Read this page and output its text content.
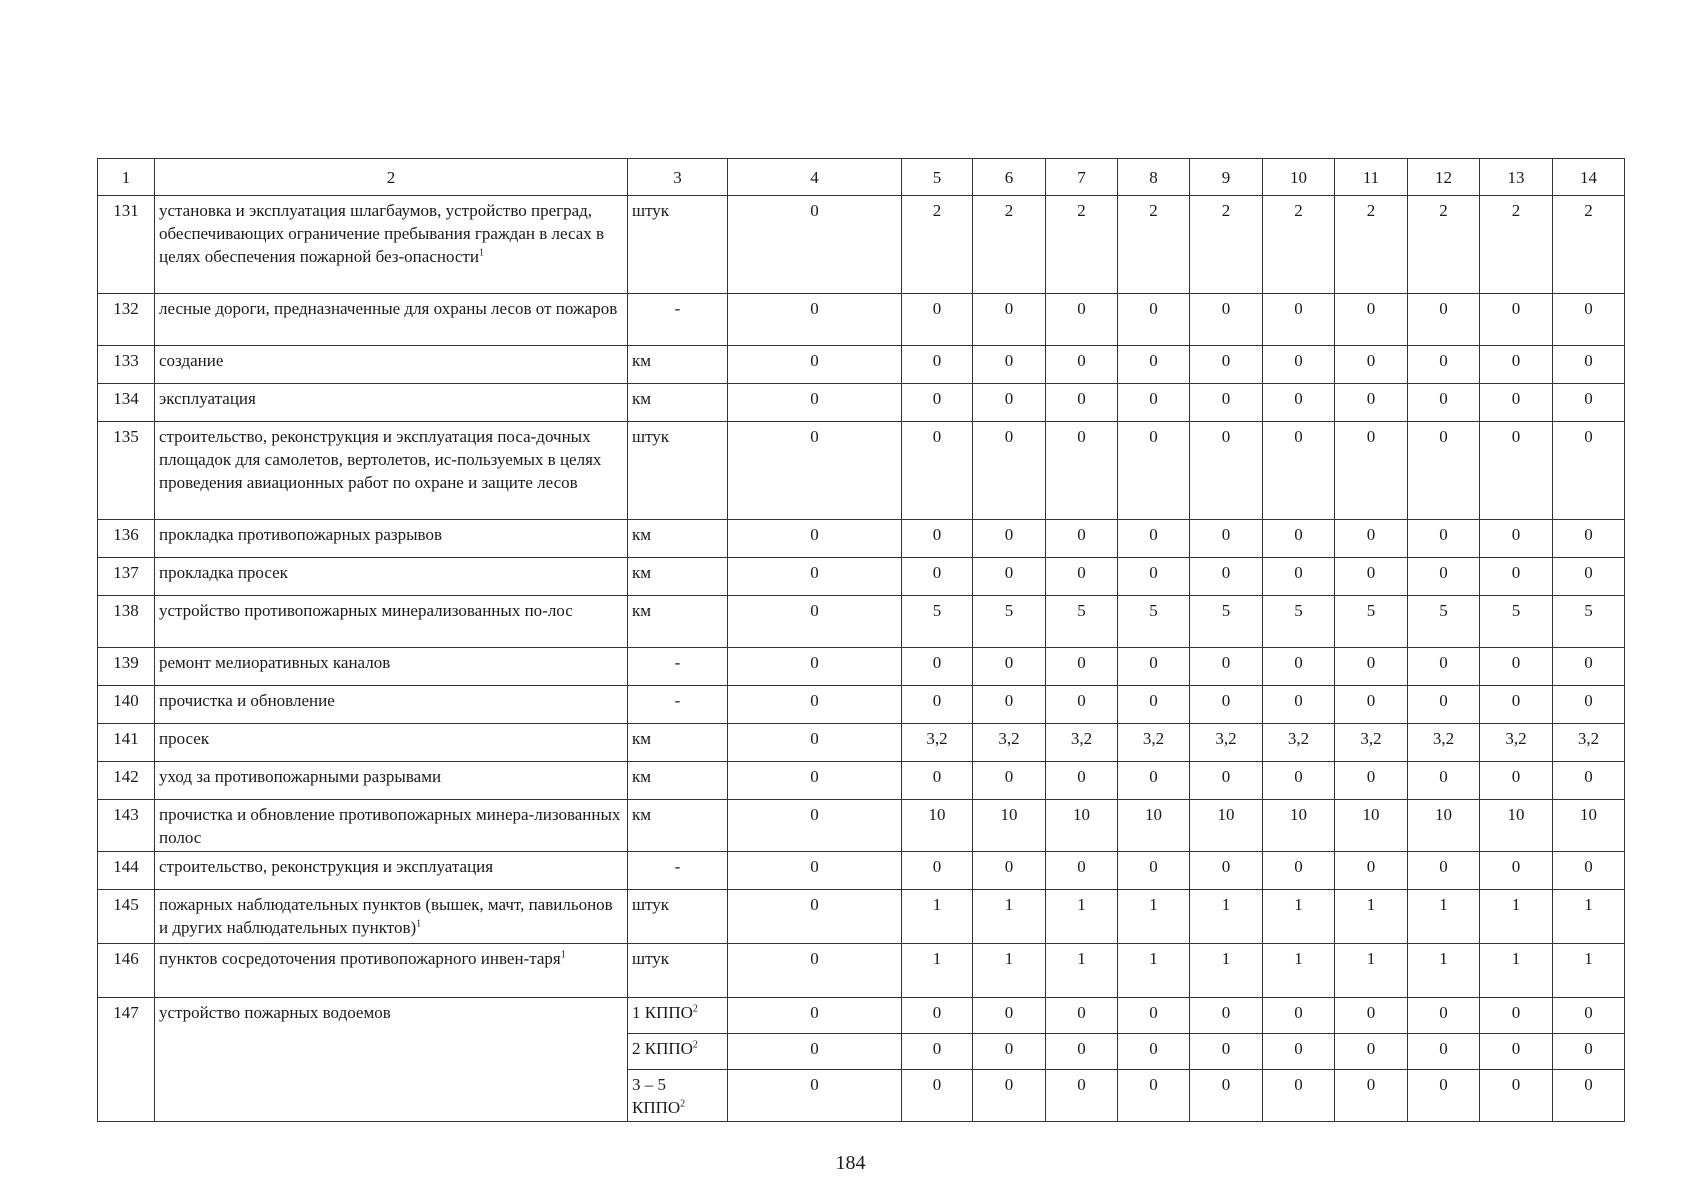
1	2	3	4	5	6	7	8	9	10	11	12	13	14
131	установка и эксплуатация шлагбаумов, устройство преград, обеспечивающих ограничение пребывания граждан в лесах в целях обеспечения пожарной без-опасности$^1$	штук	0	2	2	2	2	2	2	2	2	2	2
132	лесные дороги, предназначенные для охраны лесов от пожаров	-	0	0	0	0	0	0	0	0	0	0	0
133	создание	км	0	0	0	0	0	0	0	0	0	0	0
134	эксплуатация	км	0	0	0	0	0	0	0	0	0	0	0
135	строительство, реконструкция и эксплуатация поса-дочных площадок для самолетов, вертолетов, ис-пользуемых в целях проведения авиационных работ по охране и защите лесов	штук	0	0	0	0	0	0	0	0	0	0	0
136	прокладка противопожарных разрывов	км	0	0	0	0	0	0	0	0	0	0	0
137	прокладка просек	км	0	0	0	0	0	0	0	0	0	0	0
138	устройство противопожарных минерализованных по-лос	км	0	5	5	5	5	5	5	5	5	5	5
139	ремонт мелиоративных каналов	-	0	0	0	0	0	0	0	0	0	0	0
140	прочистка и обновление	-	0	0	0	0	0	0	0	0	0	0	0
141	просек	км	0	3,2	3,2	3,2	3,2	3,2	3,2	3,2	3,2	3,2	3,2
142	уход за противопожарными разрывами	км	0	0	0	0	0	0	0	0	0	0	0
143	прочистка и обновление противопожарных минера-лизованных полос	км	0	10	10	10	10	10	10	10	10	10	10
144	строительство, реконструкция и эксплуатация	-	0	0	0	0	0	0	0	0	0	0	0
145	пожарных наблюдательных пунктов (вышек, мачт, павильонов и других наблюдательных пунктов)$^1$	штук	0	1	1	1	1	1	1	1	1	1	1
146	пунктов сосредоточения противопожарного инвен-таря$^1$	штук	0	1	1	1	1	1	1	1	1	1	1
147	устройство пожарных водоемов	1 КППО$^2$	0	0	0	0	0	0	0	0	0	0	0
		2 КППО$^2$	0	0	0	0	0	0	0	0	0	0	0
		3 – 5 КППО$^2$	0	0	0	0	0	0	0	0	0	0	0
184
